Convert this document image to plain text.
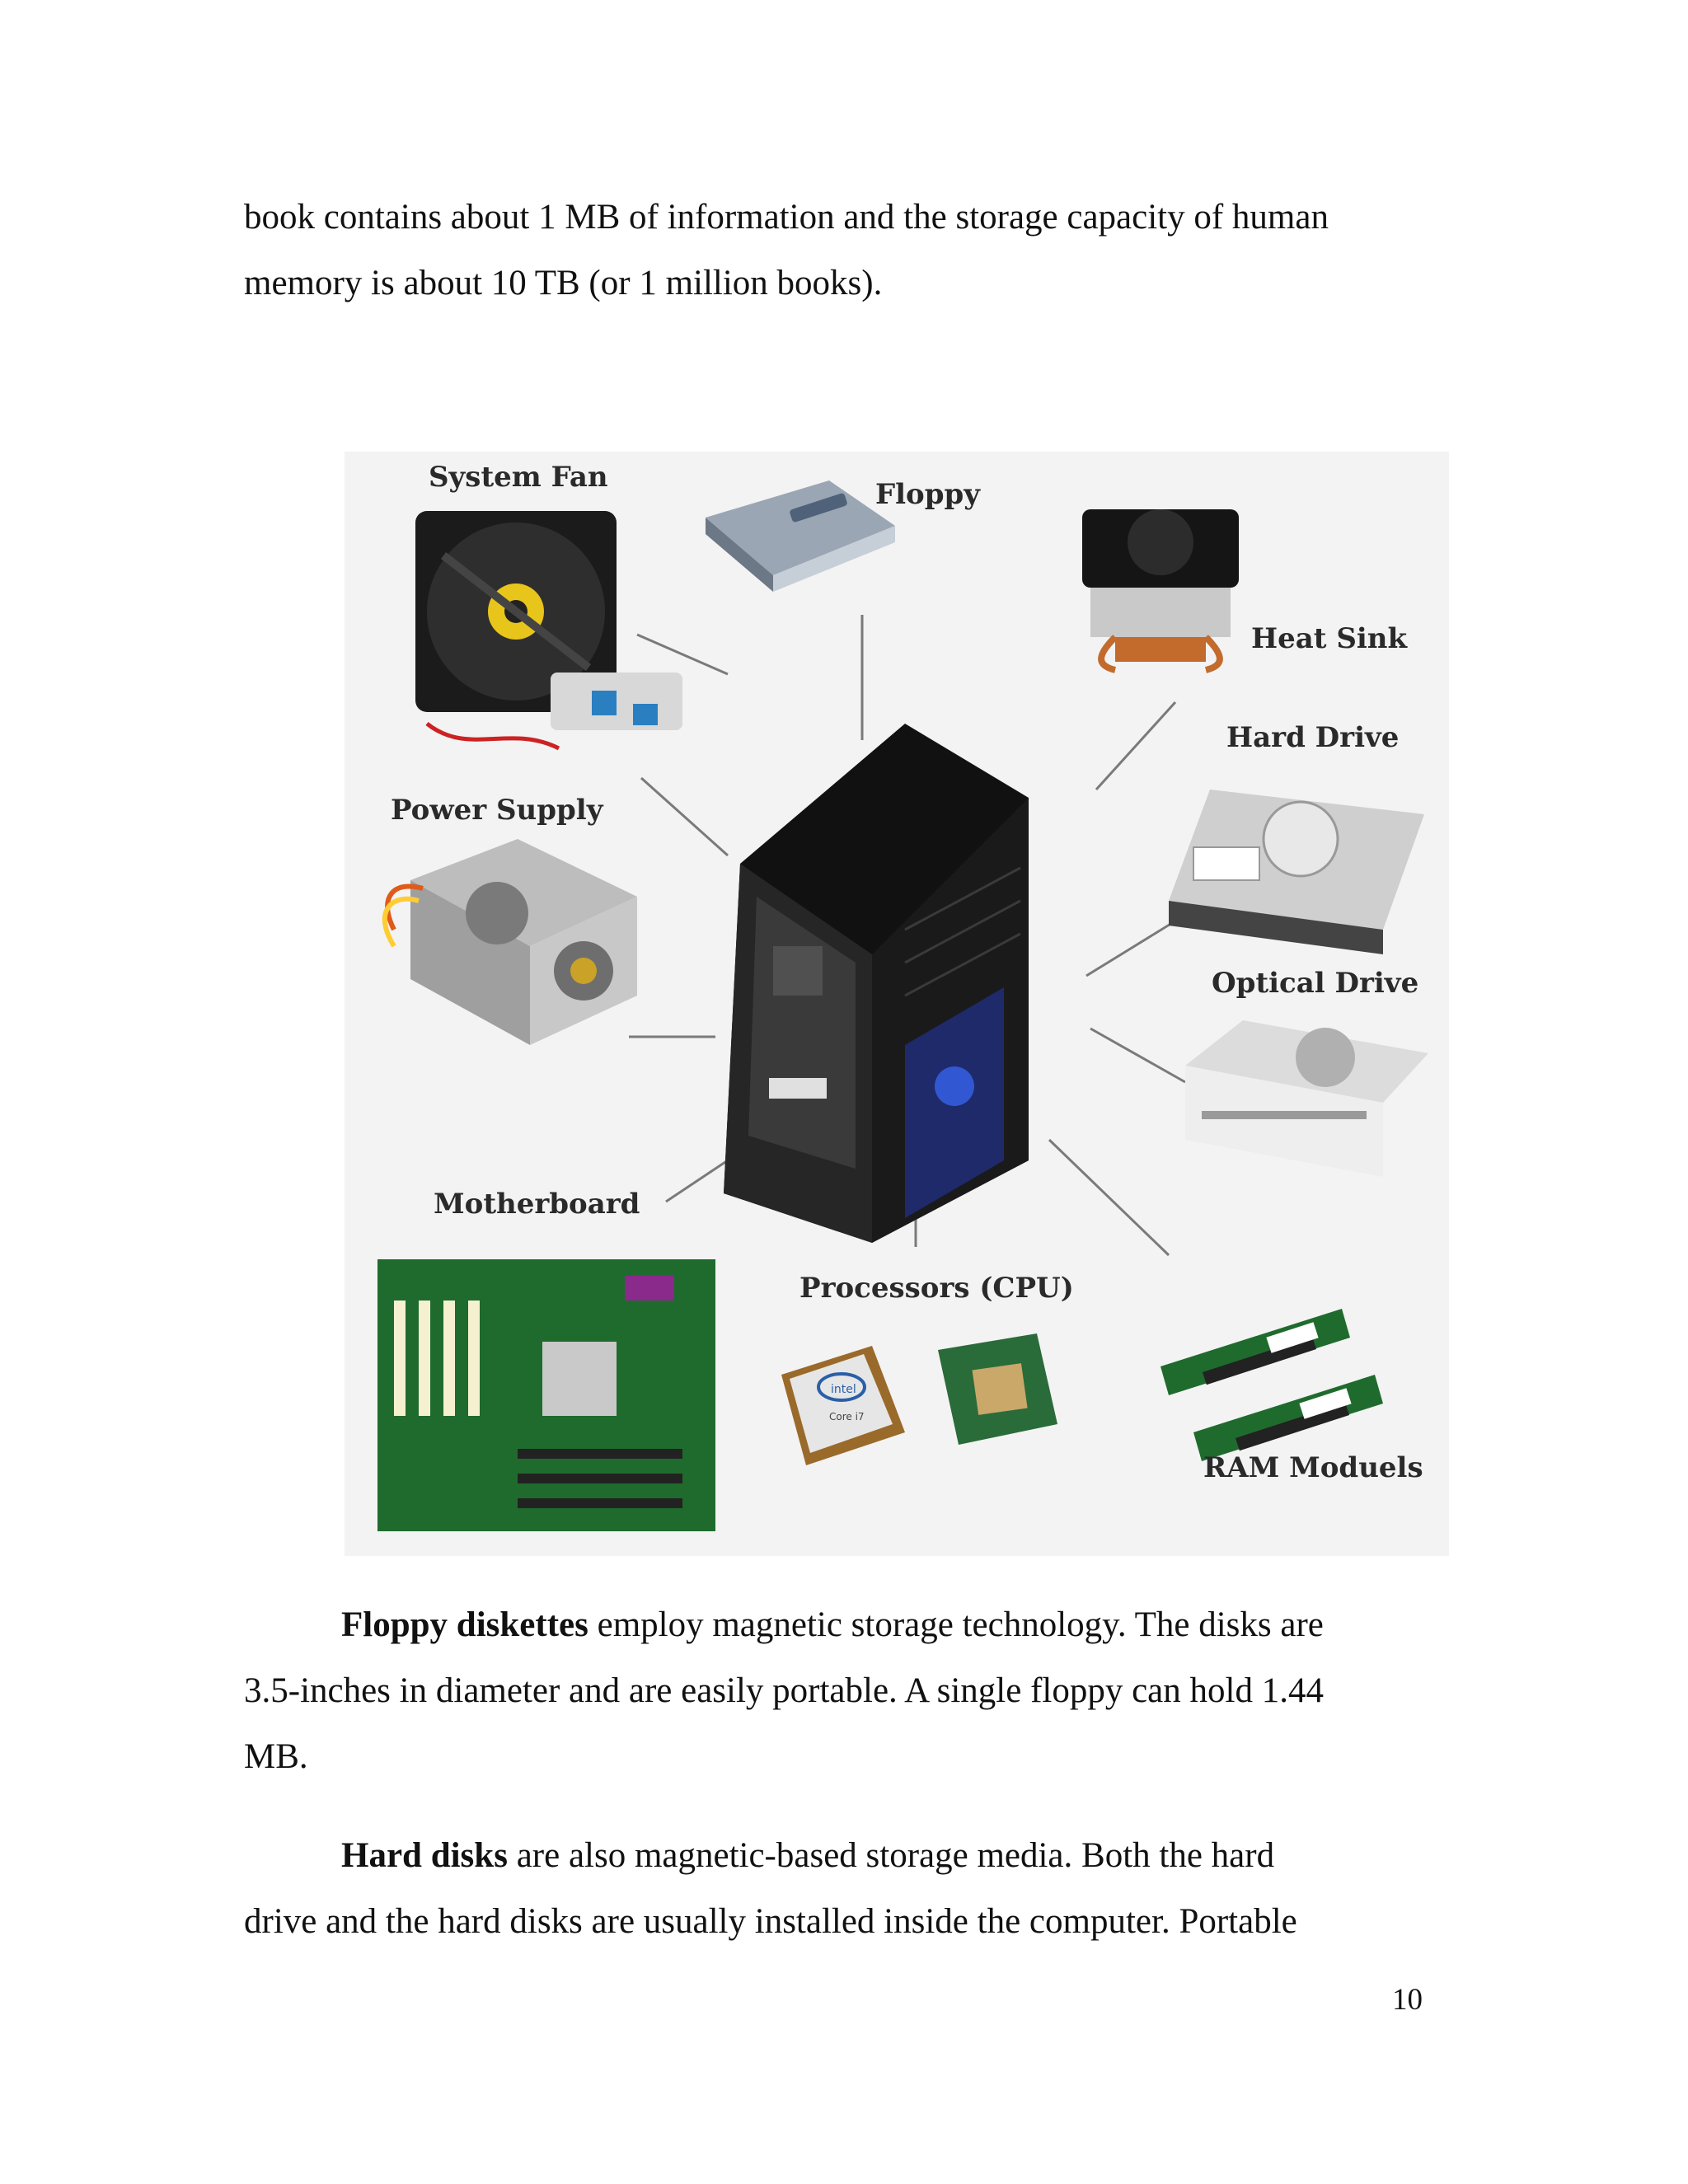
book contains about 1 MB of information and the storage capacity of human
memory is about 10 TB (or 1 million books).

intel
Core i7
System Fan
Floppy
Heat Sink
Hard Drive
Power Supply
Optical Drive
Motherboard
Processors (CPU)
RAM Moduels

Floppy diskettes employ magnetic storage technology. The disks are
3.5-inches in diameter and are easily portable. A single floppy can hold 1.44
MB.

Hard disks are also magnetic-based storage media. Both the hard
drive and the hard disks are usually installed inside the computer. Portable

10
